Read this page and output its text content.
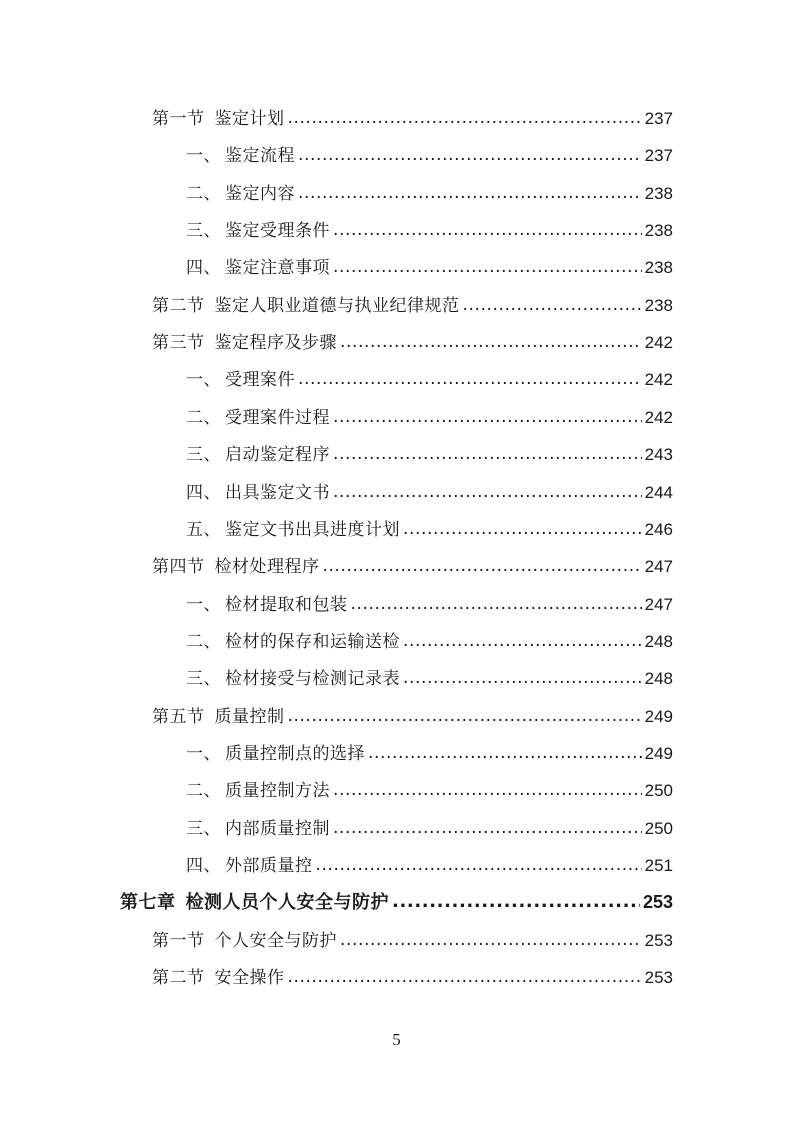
第一节 鉴定计划 .....	237
一、 鉴定流程 .....	237
二、 鉴定内容 .....	238
三、 鉴定受理条件 .....	238
四、 鉴定注意事项 .....	238
第二节 鉴定人职业道德与执业纪律规范 .....	238
第三节 鉴定程序及步骤 .....	242
一、 受理案件 .....	242
二、 受理案件过程 .....	242
三、 启动鉴定程序 .....	243
四、 出具鉴定文书 .....	244
五、 鉴定文书出具进度计划 .....	246
第四节 检材处理程序 .....	247
一、 检材提取和包装 .....	247
二、 检材的保存和运输送检 .....	248
三、 检材接受与检测记录表 .....	248
第五节 质量控制 .....	249
一、 质量控制点的选择 .....	249
二、 质量控制方法 .....	250
三、 内部质量控制 .....	250
四、 外部质量控 .....	251
第七章 检测人员个人安全与防护 .....	253
第一节 个人安全与防护 .....	253
第二节 安全操作 .....	253
5
